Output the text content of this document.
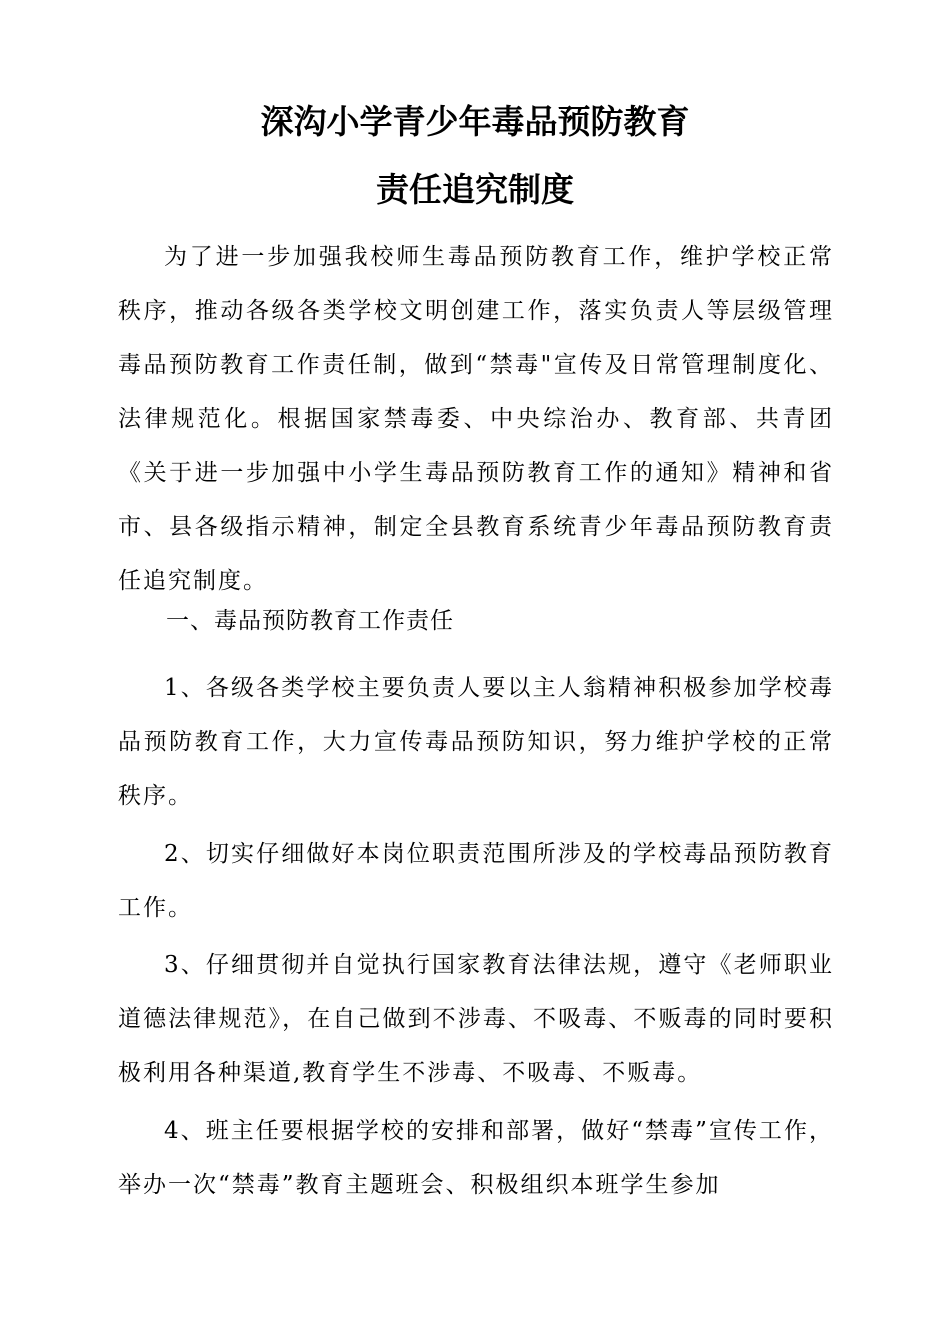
深沟小学青少年毒品预防教育
责任追究制度

为了进一步加强我校师生毒品预防教育工作，维护学校正常秩序，推动各级各类学校文明创建工作，落实负责人等层级管理毒品预防教育工作责任制，做到“禁毒"宣传及日常管理制度化、法律规范化。根据国家禁毒委、中央综治办、教育部、共青团《关于进一步加强中小学生毒品预防教育工作的通知》精神和省市、县各级指示精神，制定全县教育系统青少年毒品预防教育责任追究制度。

一、毒品预防教育工作责任

1、各级各类学校主要负责人要以主人翁精神积极参加学校毒品预防教育工作，大力宣传毒品预防知识，努力维护学校的正常秩序。

2、切实仔细做好本岗位职责范围所涉及的学校毒品预防教育工作。

3、仔细贯彻并自觉执行国家教育法律法规，遵守《老师职业道德法律规范》，在自己做到不涉毒、不吸毒、不贩毒的同时要积极利用各种渠道,教育学生不涉毒、不吸毒、不贩毒。

4、班主任要根据学校的安排和部署，做好“禁毒”宣传工作，举办一次“禁毒”教育主题班会、积极组织本班学生参加
